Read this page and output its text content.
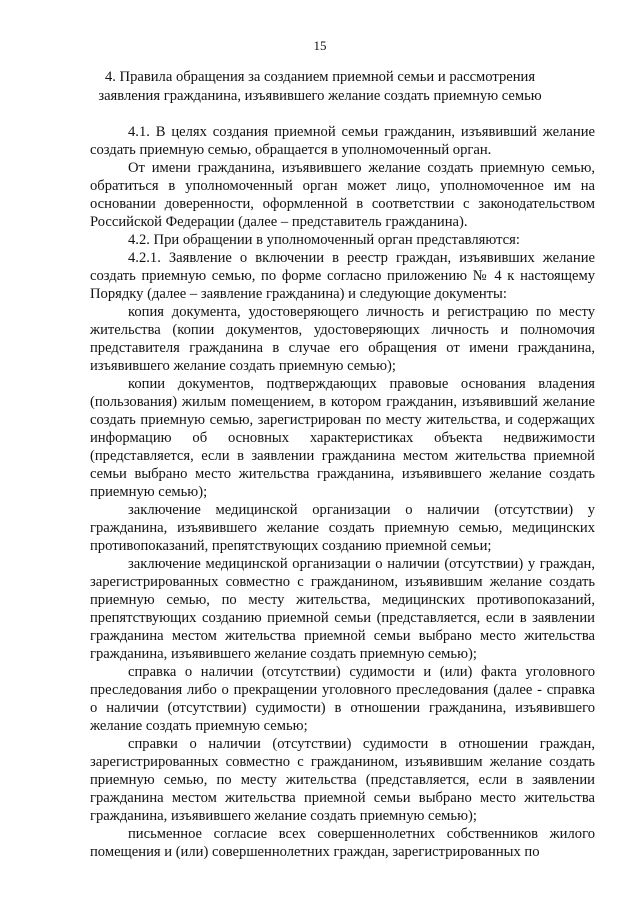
15
4. Правила обращения за созданием приемной семьи и рассмотрения заявления гражданина, изъявившего желание создать приемную семью

4.1. В целях создания приемной семьи гражданин, изъявивший желание создать приемную семью, обращается в уполномоченный орган.

От имени гражданина, изъявившего желание создать приемную семью, обратиться в уполномоченный орган может лицо, уполномоченное им на основании доверенности, оформленной в соответствии с законодательством Российской Федерации (далее – представитель гражданина).

4.2. При обращении в уполномоченный орган представляются:

4.2.1. Заявление о включении в реестр граждан, изъявивших желание создать приемную семью, по форме согласно приложению № 4 к настоящему Порядку (далее – заявление гражданина) и следующие документы:

копия документа, удостоверяющего личность и регистрацию по месту жительства (копии документов, удостоверяющих личность и полномочия представителя гражданина в случае его обращения от имени гражданина, изъявившего желание создать приемную семью);

копии документов, подтверждающих правовые основания владения (пользования) жилым помещением, в котором гражданин, изъявивший желание создать приемную семью, зарегистрирован по месту жительства, и содержащих информацию об основных характеристиках объекта недвижимости (представляется, если в заявлении гражданина местом жительства приемной семьи выбрано место жительства гражданина, изъявившего желание создать приемную семью);

заключение медицинской организации о наличии (отсутствии) у гражданина, изъявившего желание создать приемную семью, медицинских противопоказаний, препятствующих созданию приемной семьи;

заключение медицинской организации о наличии (отсутствии) у граждан, зарегистрированных совместно с гражданином, изъявившим желание создать приемную семью, по месту жительства, медицинских противопоказаний, препятствующих созданию приемной семьи (представляется, если в заявлении гражданина местом жительства приемной семьи выбрано место жительства гражданина, изъявившего желание создать приемную семью);

справка о наличии (отсутствии) судимости и (или) факта уголовного преследования либо о прекращении уголовного преследования (далее - справка о наличии (отсутствии) судимости) в отношении гражданина, изъявившего желание создать приемную семью;

справки о наличии (отсутствии) судимости в отношении граждан, зарегистрированных совместно с гражданином, изъявившим желание создать приемную семью, по месту жительства (представляется, если в заявлении гражданина местом жительства приемной семьи выбрано место жительства гражданина, изъявившего желание создать приемную семью);

письменное согласие всех совершеннолетних собственников жилого помещения и (или) совершеннолетних граждан, зарегистрированных по
